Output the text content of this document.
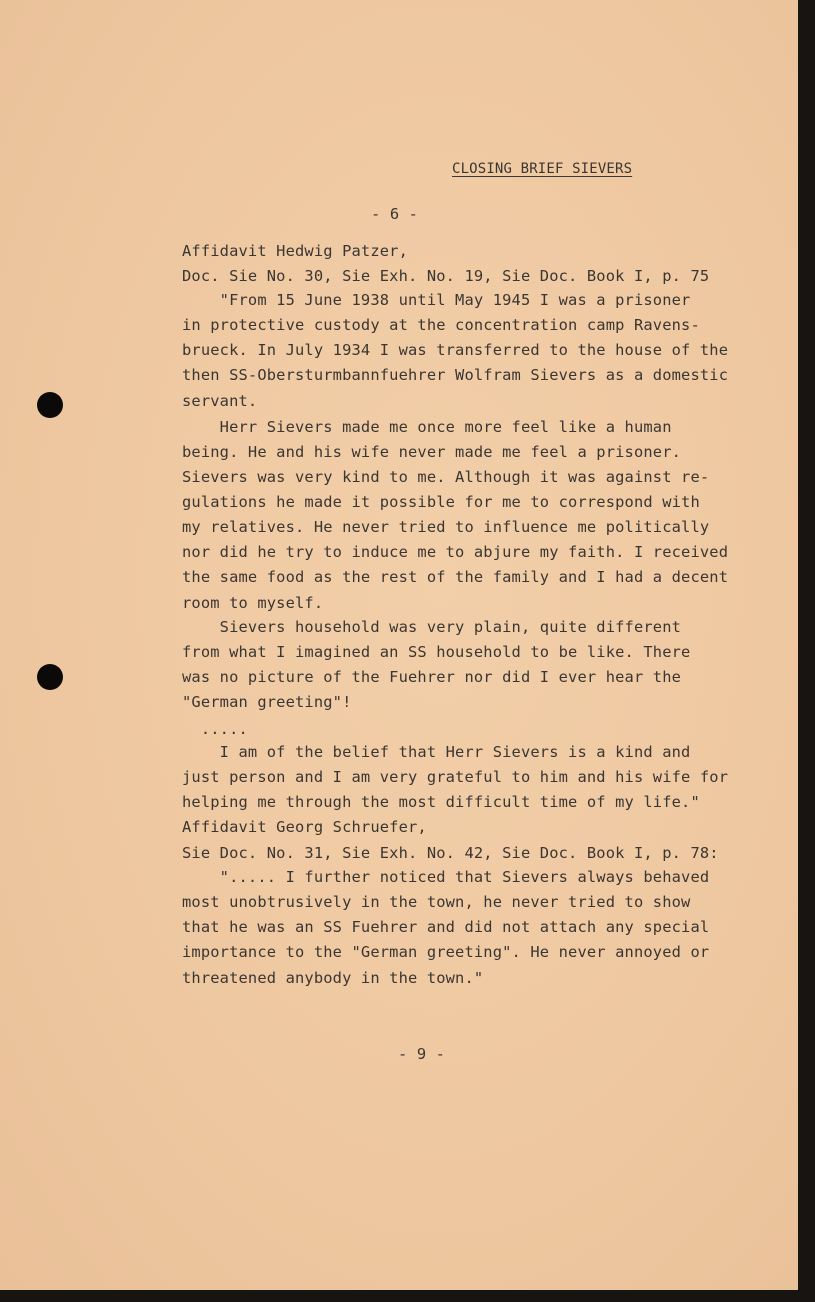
CLOSING BRIEF SIEVERS
- 6 -
Affidavit Hedwig Patzer,
Doc. Sie No. 30, Sie Exh. No. 19, Sie Doc. Book I, p. 75
"From 15 June 1938 until May 1945 I was a prisoner
in protective custody at the concentration camp Ravens-
brueck. In July 1934 I was transferred to the house of the
then SS-Obersturmbannfuehrer Wolfram Sievers as a domestic
servant.
Herr Sievers made me once more feel like a human
being. He and his wife never made me feel a prisoner.
Sievers was very kind to me. Although it was against re-
gulations he made it possible for me to correspond with
my relatives. He never tried to influence me politically
nor did he try to induce me to abjure my faith. I received
the same food as the rest of the family and I had a decent
room to myself.
Sievers household was very plain, quite different
from what I imagined an SS household to be like. There
was no picture of the Fuehrer nor did I ever hear the
"German greeting"!
.....
I am of the belief that Herr Sievers is a kind and
just person and I am very grateful to him and his wife for
helping me through the most difficult time of my life."
Affidavit Georg Schruefer,
Sie Doc. No. 31, Sie Exh. No. 42, Sie Doc. Book I, p. 78:
"..... I further noticed that Sievers always behaved
most unobtrusively in the town, he never tried to show
that he was an SS Fuehrer and did not attach any special
importance to the "German greeting". He never annoyed or
threatened anybody in the town."
- 9 -
